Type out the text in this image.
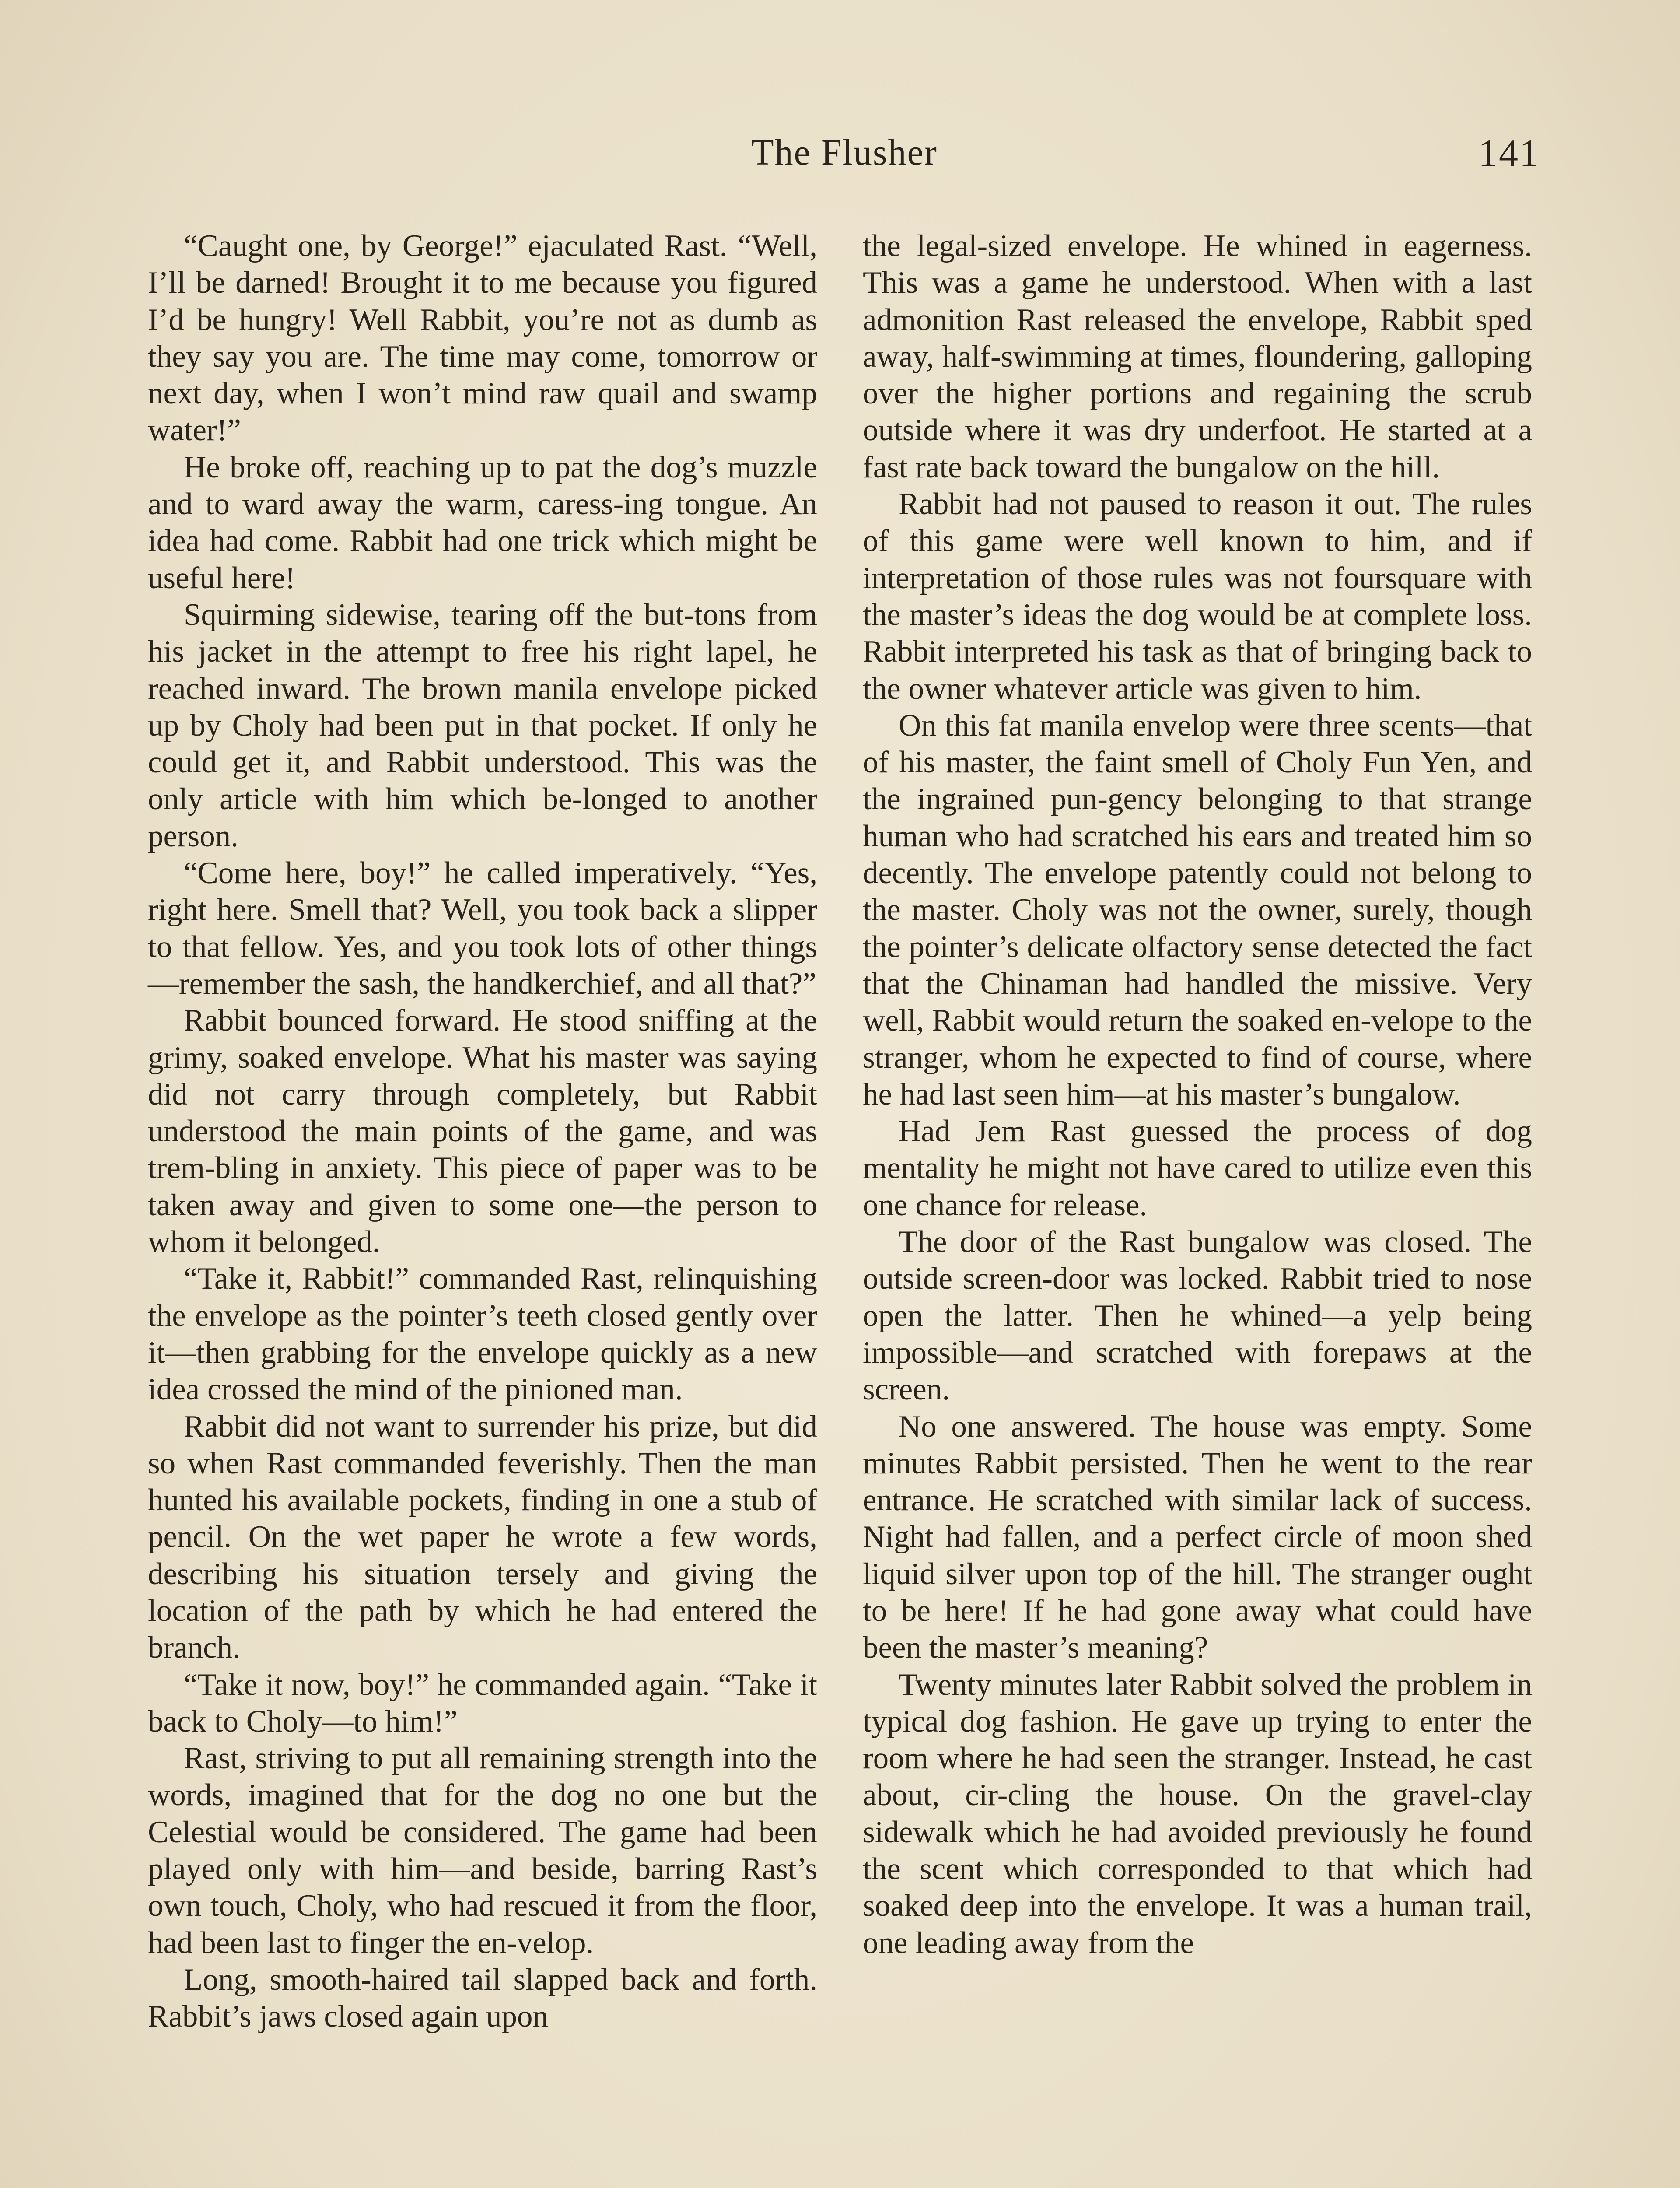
The Flusher	141

“Caught one, by George!” ejaculated Rast. “Well, I’ll be darned! Brought it to me because you figured I’d be hungry! Well Rabbit, you’re not as dumb as they say you are. The time may come, tomorrow or next day, when I won’t mind raw quail and swamp water!”

He broke off, reaching up to pat the dog’s muzzle and to ward away the warm, caress-ing tongue. An idea had come. Rabbit had one trick which might be useful here!

Squirming sidewise, tearing off the but-tons from his jacket in the attempt to free his right lapel, he reached inward. The brown manila envelope picked up by Choly had been put in that pocket. If only he could get it, and Rabbit understood. This was the only article with him which be-longed to another person.

“Come here, boy!” he called imperatively. “Yes, right here. Smell that? Well, you took back a slipper to that fellow. Yes, and you took lots of other things—remember the sash, the handkerchief, and all that?”

Rabbit bounced forward. He stood sniffing at the grimy, soaked envelope. What his master was saying did not carry through completely, but Rabbit understood the main points of the game, and was trem-bling in anxiety. This piece of paper was to be taken away and given to some one—the person to whom it belonged.

“Take it, Rabbit!” commanded Rast, relinquishing the envelope as the pointer’s teeth closed gently over it—then grabbing for the envelope quickly as a new idea crossed the mind of the pinioned man.

Rabbit did not want to surrender his prize, but did so when Rast commanded feverishly. Then the man hunted his available pockets, finding in one a stub of pencil. On the wet paper he wrote a few words, describing his situation tersely and giving the location of the path by which he had entered the branch.

“Take it now, boy!” he commanded again. “Take it back to Choly—to him!”

Rast, striving to put all remaining strength into the words, imagined that for the dog no one but the Celestial would be considered. The game had been played only with him—and beside, barring Rast’s own touch, Choly, who had rescued it from the floor, had been last to finger the en-velop.

Long, smooth-haired tail slapped back and forth. Rabbit’s jaws closed again upon

the legal-sized envelope. He whined in eagerness. This was a game he understood. When with a last admonition Rast released the envelope, Rabbit sped away, half-swimming at times, floundering, galloping over the higher portions and regaining the scrub outside where it was dry underfoot. He started at a fast rate back toward the bungalow on the hill.

Rabbit had not paused to reason it out. The rules of this game were well known to him, and if interpretation of those rules was not foursquare with the master’s ideas the dog would be at complete loss. Rabbit interpreted his task as that of bringing back to the owner whatever article was given to him.

On this fat manila envelop were three scents—that of his master, the faint smell of Choly Fun Yen, and the ingrained pun-gency belonging to that strange human who had scratched his ears and treated him so decently. The envelope patently could not belong to the master. Choly was not the owner, surely, though the pointer’s delicate olfactory sense detected the fact that the Chinaman had handled the missive. Very well, Rabbit would return the soaked en-velope to the stranger, whom he expected to find of course, where he had last seen him—at his master’s bungalow.

Had Jem Rast guessed the process of dog mentality he might not have cared to utilize even this one chance for release.

The door of the Rast bungalow was closed. The outside screen-door was locked. Rabbit tried to nose open the latter. Then he whined—a yelp being impossible—and scratched with forepaws at the screen.

No one answered. The house was empty. Some minutes Rabbit persisted. Then he went to the rear entrance. He scratched with similar lack of success. Night had fallen, and a perfect circle of moon shed liquid silver upon top of the hill. The stranger ought to be here! If he had gone away what could have been the master’s meaning?

Twenty minutes later Rabbit solved the problem in typical dog fashion. He gave up trying to enter the room where he had seen the stranger. Instead, he cast about, cir-cling the house. On the gravel-clay sidewalk which he had avoided previously he found the scent which corresponded to that which had soaked deep into the envelope. It was a human trail, one leading away from the
